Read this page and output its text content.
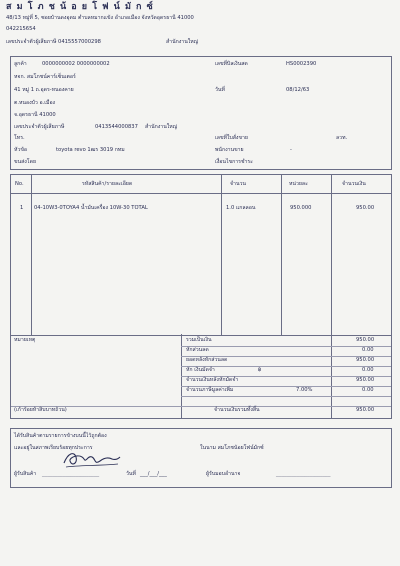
ส ม โ ภ ช น้ อ ย โ ฟ น์ มั ก ซ์
48/13 หมู่ที่ 5, ซอยบ้านดงอุดม ตำบลหมากแข้ง อำเภอเมือง จังหวัดอุดรธานี 41000
042215654
เลขประจำตัวผู้เสียภาษี 0415557000298	สำนักงานใหญ่
ลูกค้า	0000000002 0000000002
หจก. สมโภชน์คาร์เซ็นเตอร์
41 หมู่ 1 ถ.อุดร-หนองคาย
ต.หนองบัว อ.เมือง
จ.อุดรธานี 41000
เลขประจำตัวผู้เสียภาษี	0413544000837 สำนักงานใหญ่
โทร.
หัวข้อ	toyota revo 1ฒร 3019 กทม
ขนส่งโดย
เลขที่บิลเงินสด	HS0002390
วันที่	08/12/63
เลขที่ใบสั่งขาย	ลวท.
พนักงานขาย	-
เงื่อนไขการชำระ
No.	รหัสสินค้า/รายละเอียด	จำนวน	หน่วยละ	จำนวนเงิน
1 04-10W3-0TOYA4 น้ำมันเครื่อง 10W-30 TOTAL	1.0 แกลลอน	950.000	950.00
หมายเหตุ	รวมเป็นเงิน	950.00
หักส่วนลด	0.00
ยอดหลังหักส่วนลด	950.00
หัก เงินมัดจำ	฿	0.00
จำนวนเงินหลังหักมัดจำ	950.00
จำนวนภาษีมูลค่าเพิ่ม	7.00%	0.00
(เก้าร้อยห้าสิบบาทถ้วน)	จำนวนเงินรวมทั้งสิ้น	950.00
ได้รับสินค้าตามรายการข้างบนนี้ไว้ถูกต้อง
และอยู่ในสภาพเรียบร้อยทุกประการ	ในนาม สมโภชน้อยโฟน์มักซ์
ผู้รับสินค้า ______________________	วันที่ ___/___/___	ผู้รับมอบอำนาจ	_____________________
